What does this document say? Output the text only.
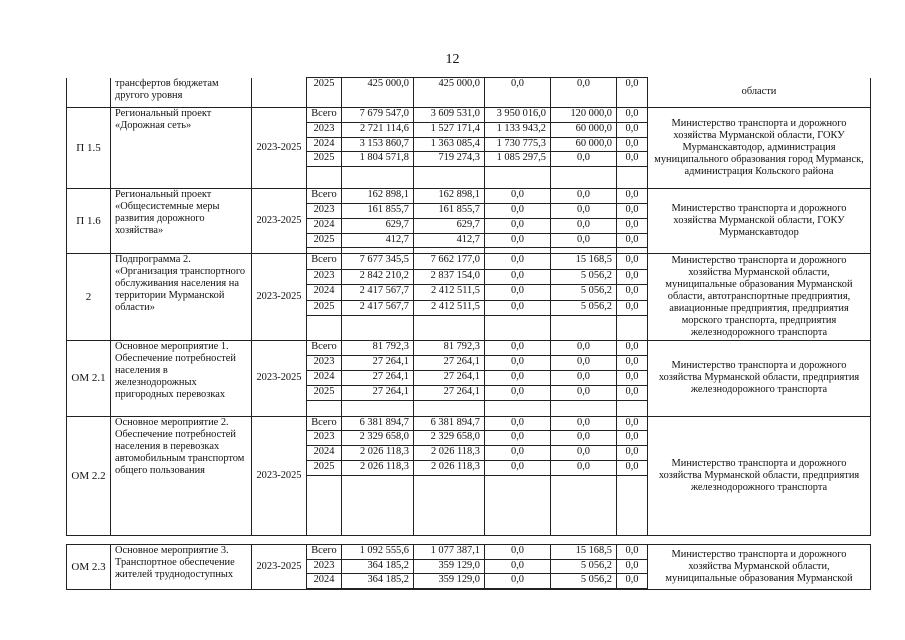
12
	трансфертов бюджетам другого уровня		2025	425 000,0	425 000,0	0,0	0,0	0,0	области
П 1.5	Региональный проект «Дорожная сеть»	2023-2025	Всего	7 679 547,0	3 609 531,0	3 950 016,0	120 000,0	0,0	Министерство транспорта и дорожного хозяйства Мурманской области, ГОКУ Мурманскавтодор, администрация муниципального образования город Мурманск, администрация Кольского района
			2023	2 721 114,6	1 527 171,4	1 133 943,2	60 000,0	0,0	
			2024	3 153 860,7	1 363 085,4	1 730 775,3	60 000,0	0,0	
			2025	1 804 571,8	719 274,3	1 085 297,5	0,0	0,0	

П 1.6	Региональный проект «Общесистемные меры развития дорожного хозяйства»	2023-2025	Всего	162 898,1	162 898,1	0,0	0,0	0,0	Министерство транспорта и дорожного хозяйства Мурманской области, ГОКУ Мурманскавтодор
			2023	161 855,7	161 855,7	0,0	0,0	0,0	
			2024	629,7	629,7	0,0	0,0	0,0	
			2025	412,7	412,7	0,0	0,0	0,0	

2	Подпрограмма 2. «Организация транспортного обслуживания населения на территории Мурманской области»	2023-2025	Всего	7 677 345,5	7 662 177,0	0,0	15 168,5	0,0	Министерство транспорта и дорожного хозяйства Мурманской области, муниципальные образования Мурманской области, автотранспортные предприятия, авиационные предприятия, предприятия морского транспорта, предприятия железнодорожного транспорта
			2023	2 842 210,2	2 837 154,0	0,0	5 056,2	0,0	
			2024	2 417 567,7	2 412 511,5	0,0	5 056,2	0,0	
			2025	2 417 567,7	2 412 511,5	0,0	5 056,2	0,0	

ОМ 2.1	Основное мероприятие 1. Обеспечение потребностей населения в железнодорожных пригородных перевозках	2023-2025	Всего	81 792,3	81 792,3	0,0	0,0	0,0	Министерство транспорта и дорожного хозяйства Мурманской области, предприятия железнодорожного транспорта
			2023	27 264,1	27 264,1	0,0	0,0	0,0	
			2024	27 264,1	27 264,1	0,0	0,0	0,0	
			2025	27 264,1	27 264,1	0,0	0,0	0,0	

ОМ 2.2	Основное мероприятие 2. Обеспечение потребностей населения в перевозках автомобильным транспортом общего пользования	2023-2025	Всего	6 381 894,7	6 381 894,7	0,0	0,0	0,0	Министерство транспорта и дорожного хозяйства Мурманской области, предприятия железнодорожного транспорта
			2023	2 329 658,0	2 329 658,0	0,0	0,0	0,0	
			2024	2 026 118,3	2 026 118,3	0,0	0,0	0,0	
			2025	2 026 118,3	2 026 118,3	0,0	0,0	0,0	

ОМ 2.3	Основное мероприятие 3. Транспортное обеспечение жителей труднодоступных	2023-2025	Всего	1 092 555,6	1 077 387,1	0,0	15 168,5	0,0	Министерство транспорта и дорожного хозяйства Мурманской области, муниципальные образования Мурманской
			2023	364 185,2	359 129,0	0,0	5 056,2	0,0	
			2024	364 185,2	359 129,0	0,0	5 056,2	0,0	
